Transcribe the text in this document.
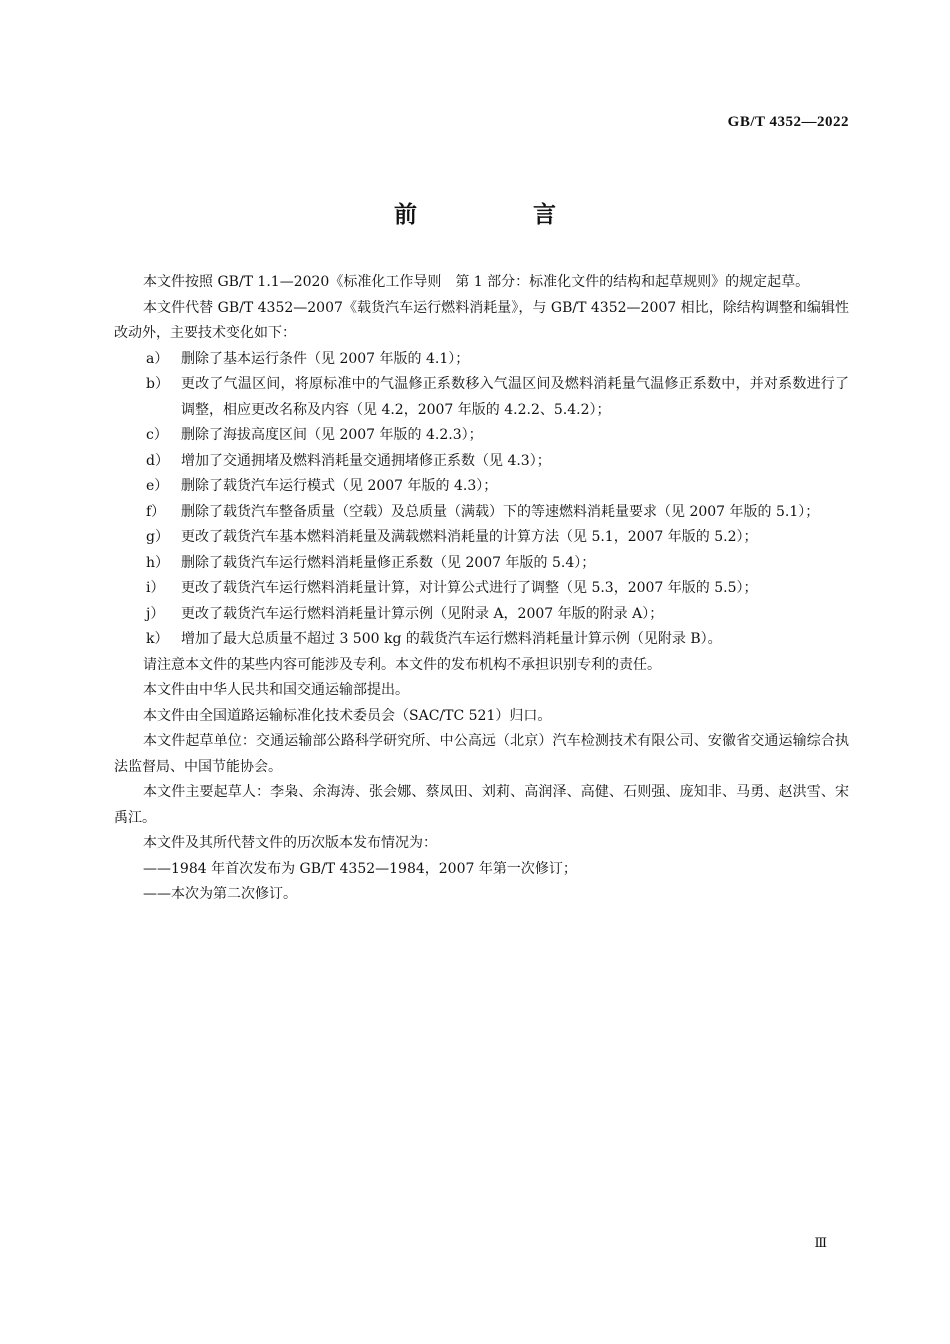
GB/T 4352—2022
前 言

本文件按照 GB/T 1.1—2020《标准化工作导则　第 1 部分：标准化文件的结构和起草规则》的规定起草。

本文件代替 GB/T 4352—2007《载货汽车运行燃料消耗量》，与 GB/T 4352—2007 相比，除结构调整和编辑性改动外，主要技术变化如下：

a） 删除了基本运行条件（见 2007 年版的 4.1）；
b） 更改了气温区间，将原标准中的气温修正系数移入气温区间及燃料消耗量气温修正系数中，并对系数进行了调整，相应更改名称及内容（见 4.2，2007 年版的 4.2.2、5.4.2）；
c） 删除了海拔高度区间（见 2007 年版的 4.2.3）；
d） 增加了交通拥堵及燃料消耗量交通拥堵修正系数（见 4.3）；
e） 删除了载货汽车运行模式（见 2007 年版的 4.3）；
f）	删除了载货汽车整备质量（空载）及总质量（满载）下的等速燃料消耗量要求（见 2007 年版的 5.1）；
g） 更改了载货汽车基本燃料消耗量及满载燃料消耗量的计算方法（见 5.1，2007 年版的 5.2）；
h） 删除了载货汽车运行燃料消耗量修正系数（见 2007 年版的 5.4）；
i）	更改了载货汽车运行燃料消耗量计算，对计算公式进行了调整（见 5.3，2007 年版的 5.5）；
j）	更改了载货汽车运行燃料消耗量计算示例（见附录 A，2007 年版的附录 A）；
k） 增加了最大总质量不超过 3 500 kg 的载货汽车运行燃料消耗量计算示例（见附录 B）。

请注意本文件的某些内容可能涉及专利。本文件的发布机构不承担识别专利的责任。

本文件由中华人民共和国交通运输部提出。

本文件由全国道路运输标准化技术委员会（SAC/TC 521）归口。

本文件起草单位：交通运输部公路科学研究所、中公高远（北京）汽车检测技术有限公司、安徽省交通运输综合执法监督局、中国节能协会。

本文件主要起草人：李枭、余海涛、张会娜、蔡凤田、刘莉、高润泽、高健、石则强、庞知非、马勇、赵洪雪、宋禹江。

本文件及其所代替文件的历次版本发布情况为：

——1984 年首次发布为 GB/T 4352—1984，2007 年第一次修订；

——本次为第二次修订。

Ⅲ
